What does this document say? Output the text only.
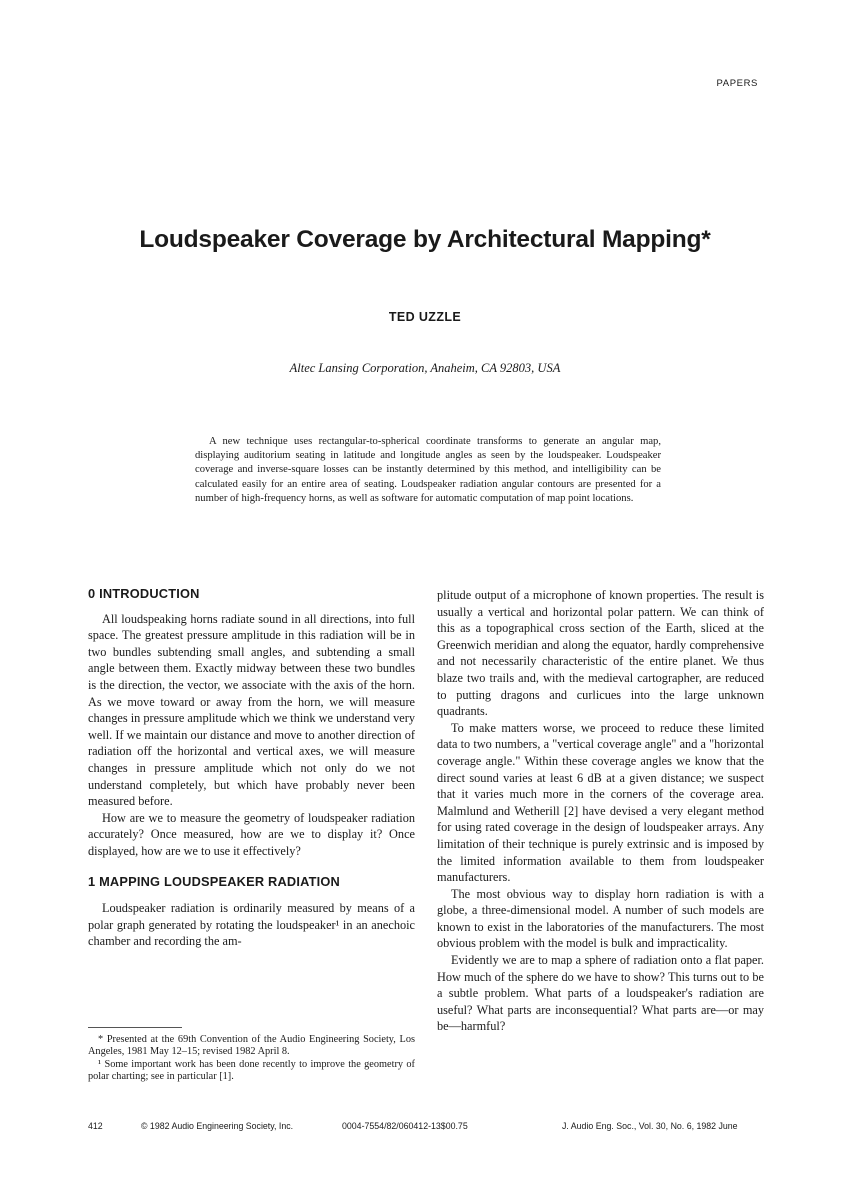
PAPERS
Loudspeaker Coverage by Architectural Mapping*
TED UZZLE
Altec Lansing Corporation, Anaheim, CA 92803, USA

A new technique uses rectangular-to-spherical coordinate transforms to generate an angular map, displaying auditorium seating in latitude and longitude angles as seen by the loudspeaker. Loudspeaker coverage and inverse-square losses can be instantly determined by this method, and intelligibility can be calculated easily for an entire area of seating. Loudspeaker radiation angular contours are presented for a number of high-frequency horns, as well as software for automatic computation of map point locations.

0 INTRODUCTION

All loudspeaking horns radiate sound in all directions, into full space. The greatest pressure amplitude in this radiation will be in two bundles subtending small angles, and subtending a small angle between them. Exactly midway between these two bundles is the direction, the vector, we associate with the axis of the horn. As we move toward or away from the horn, we will measure changes in pressure amplitude which we think we understand very well. If we maintain our distance and move to another direction of radiation off the horizontal and vertical axes, we will measure changes in pressure amplitude which not only do we not understand completely, but which have probably never been measured before.

How are we to measure the geometry of loudspeaker radiation accurately? Once measured, how are we to display it? Once displayed, how are we to use it effectively?

1 MAPPING LOUDSPEAKER RADIATION

Loudspeaker radiation is ordinarily measured by means of a polar graph generated by rotating the loudspeaker¹ in an anechoic chamber and recording the am-

plitude output of a microphone of known properties. The result is usually a vertical and horizontal polar pattern. We can think of this as a topographical cross section of the Earth, sliced at the Greenwich meridian and along the equator, hardly comprehensive and not necessarily characteristic of the entire planet. We thus blaze two trails and, with the medieval cartographer, are reduced to putting dragons and curlicues into the large unknown quadrants.

To make matters worse, we proceed to reduce these limited data to two numbers, a "vertical coverage angle" and a "horizontal coverage angle." Within these coverage angles we know that the direct sound varies at least 6 dB at a given distance; we suspect that it varies much more in the corners of the coverage area. Malmlund and Wetherill [2] have devised a very elegant method for using rated coverage in the design of loudspeaker arrays. Any limitation of their technique is purely extrinsic and is imposed by the limited information available to them from loudspeaker manufacturers.

The most obvious way to display horn radiation is with a globe, a three-dimensional model. A number of such models are known to exist in the laboratories of the manufacturers. The most obvious problem with the model is bulk and impracticality.

Evidently we are to map a sphere of radiation onto a flat paper. How much of the sphere do we have to show? This turns out to be a subtle problem. What parts of a loudspeaker's radiation are useful? What parts are inconsequential? What parts are—or may be—harmful?

* Presented at the 69th Convention of the Audio Engineering Society, Los Angeles, 1981 May 12–15; revised 1982 April 8.

¹ Some important work has been done recently to improve the geometry of polar charting; see in particular [1].

412	© 1982 Audio Engineering Society, Inc.	0004-7554/82/060412-13$00.75	J. Audio Eng. Soc., Vol. 30, No. 6, 1982 June
